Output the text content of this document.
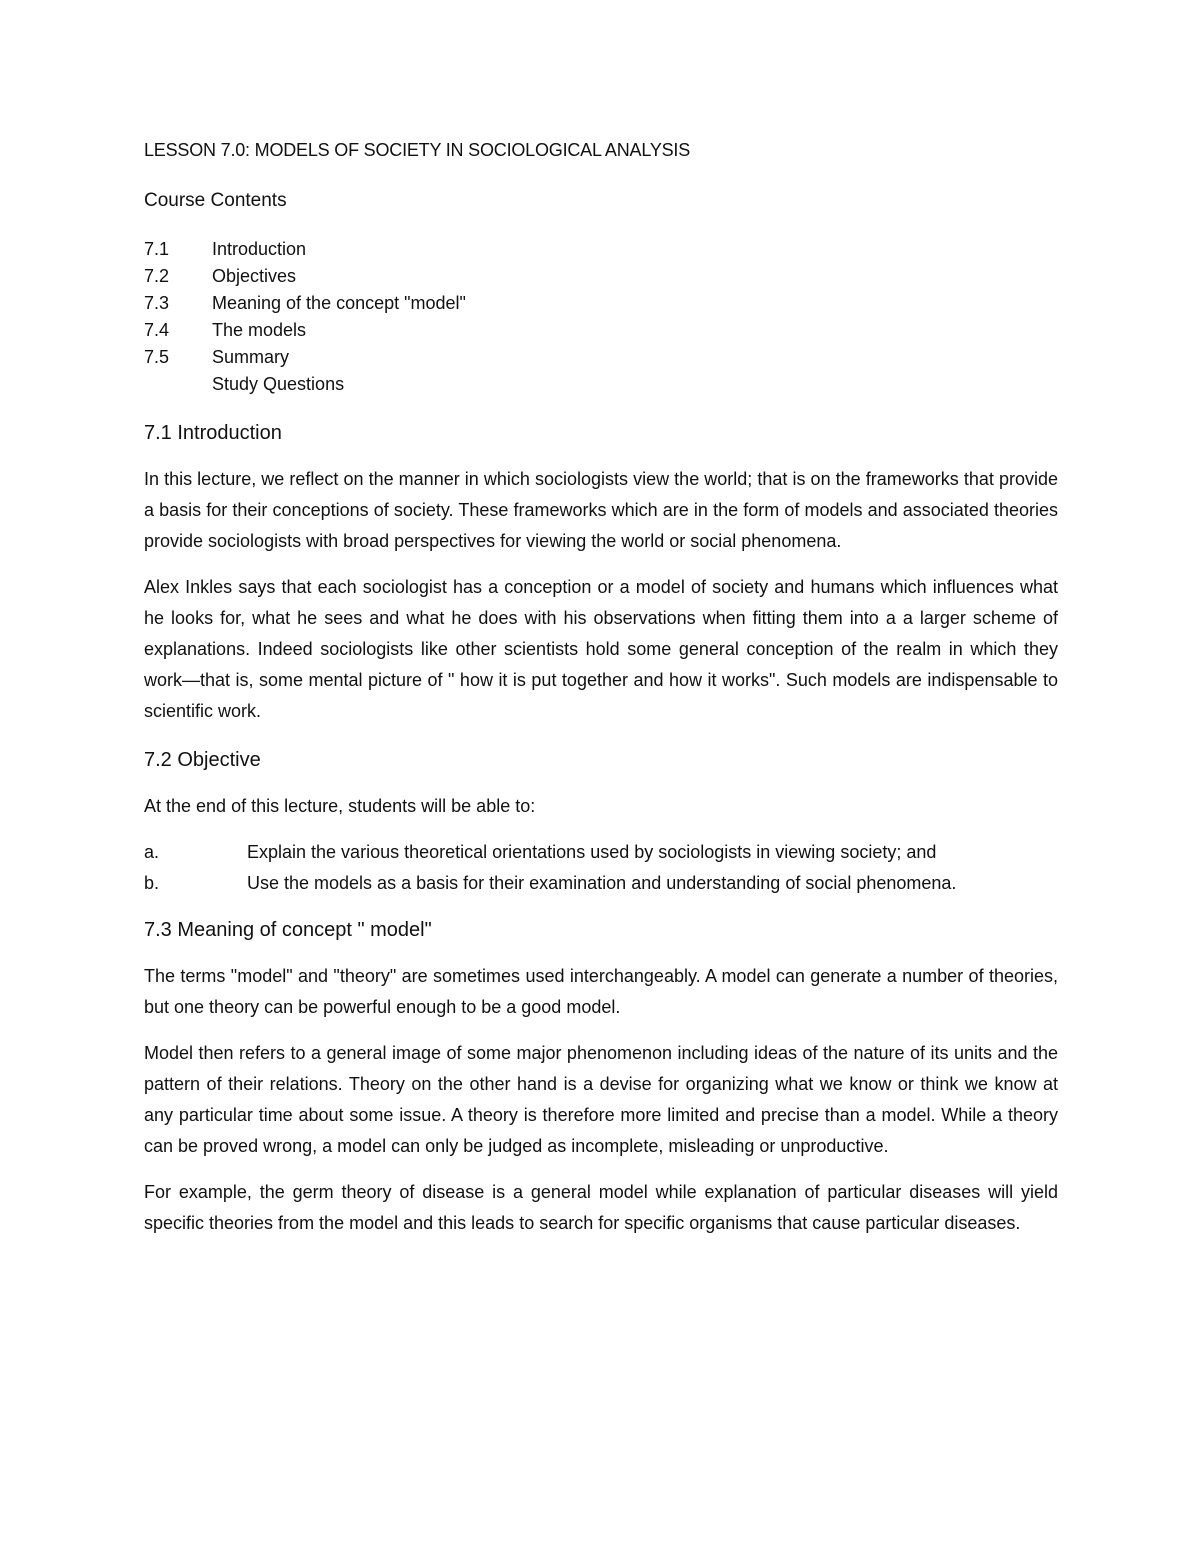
LESSON 7.0: MODELS OF SOCIETY IN SOCIOLOGICAL ANALYSIS
Course Contents
7.1	Introduction
7.2	Objectives
7.3	Meaning of the concept "model"
7.4	The models
7.5	Summary
Study Questions
7.1 Introduction

In this lecture, we reflect on the manner in which sociologists view the world; that is on the frameworks that provide a basis for their conceptions of society. These frameworks which are in the form of models and associated theories provide sociologists with broad perspectives for viewing the world or social phenomena.

Alex Inkles says that each sociologist has a conception or a model of society and humans which influences what he looks for, what he sees and what he does with his observations when fitting them into a a larger scheme of explanations. Indeed sociologists like other scientists hold some general conception of the realm in which they work—that is, some mental picture of " how it is put together and how it works". Such models are indispensable to scientific work.

7.2 Objective

At the end of this lecture, students will be able to:

a.	Explain the various theoretical orientations used by sociologists in viewing society; and
b.	Use the models as a basis for their examination and understanding of social phenomena.
7.3 Meaning of concept " model"

The terms "model" and "theory" are sometimes used interchangeably. A model can generate a number of theories, but one theory can be powerful enough to be a good model.

Model then refers to a general image of some major phenomenon including ideas of the nature of its units and the pattern of their relations. Theory on the other hand is a devise for organizing what we know or think we know at any particular time about some issue. A theory is therefore more limited and precise than a model. While a theory can be proved wrong, a model can only be judged as incomplete, misleading or unproductive.

For example, the germ theory of disease is a general model while explanation of particular diseases will yield specific theories from the model and this leads to search for specific organisms that cause particular diseases.
